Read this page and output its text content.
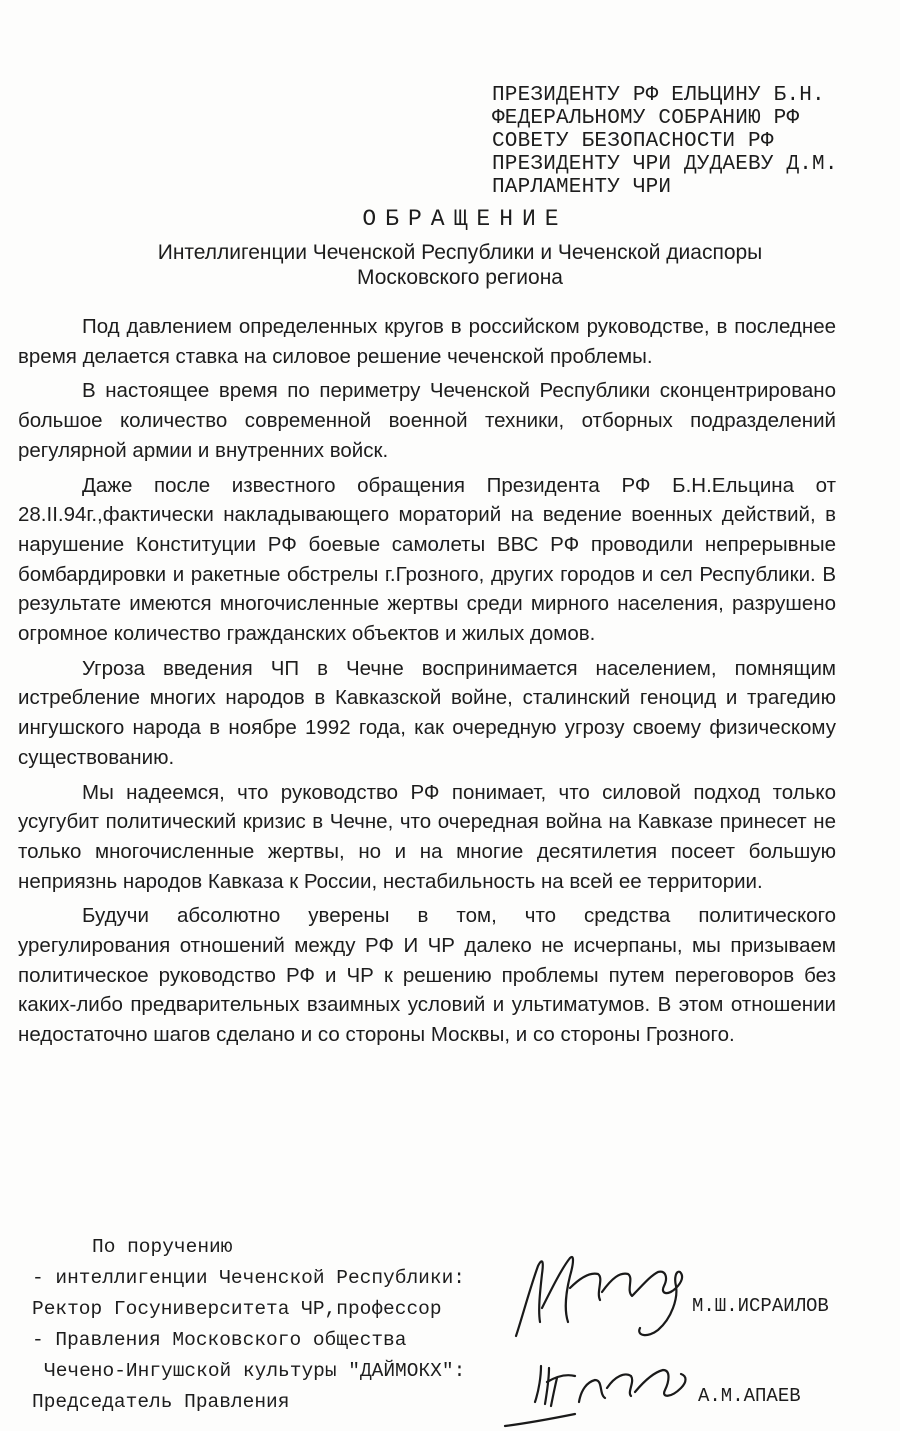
ПРЕЗИДЕНТУ РФ ЕЛЬЦИНУ Б.Н.
ФЕДЕРАЛЬНОМУ СОБРАНИЮ РФ
СОВЕТУ БЕЗОПАСНОСТИ РФ
ПРЕЗИДЕНТУ ЧРИ ДУДАЕВУ Д.М.
ПАРЛАМЕНТУ ЧРИ
ОБРАЩЕНИЕ
Интеллигенции Чеченской Республики и Чеченской диаспоры
Московского региона

Под давлением определенных кругов в российском руководстве, в последнее время делается ставка на силовое решение чеченской проблемы.

В настоящее время по периметру Чеченской Республики сконцентрировано большое количество современной военной техники, отборных подразделений регулярной армии и внутренних войск.

Даже после известного обращения Президента РФ Б.Н.Ельцина от 28.II.94г.,фактически накладывающего мораторий на ведение военных действий, в нарушение Конституции РФ боевые самолеты ВВС РФ проводили непрерывные бомбардировки и ракетные обстрелы г.Грозного, других городов и сел Республики. В результате имеются многочисленные жертвы среди мирного населения, разрушено огромное количество гражданских объектов и жилых домов.

Угроза введения ЧП в Чечне воспринимается населением, помнящим истребление многих народов в Кавказской войне, сталинский геноцид и трагедию ингушского народа в ноябре 1992 года, как очередную угрозу своему физическому существованию.

Мы надеемся, что руководство РФ понимает, что силовой подход только усугубит политический кризис в Чечне, что очередная война на Кавказе принесет не только многочисленные жертвы, но и на многие десятилетия посеет большую неприязнь народов Кавказа к России, нестабильность на всей ее территории.

Будучи абсолютно уверены в том, что средства политического урегулирования отношений между РФ И ЧР далеко не исчерпаны, мы призываем политическое руководство РФ и ЧР к решению проблемы путем переговоров без каких-либо предварительных взаимных условий и ультиматумов. В этом отношении недостаточно шагов сделано и со стороны Москвы, и со стороны Грозного.

По поручению
- интеллигенции Чеченской Республики:
Ректор Госуниверситета ЧР,профессор
- Правления Московского общества
Чечено-Ингушской культуры "ДАЙМОКХ":
Председатель Правления
М.Ш.ИСРАИЛОВ
А.М.АПАЕВ
